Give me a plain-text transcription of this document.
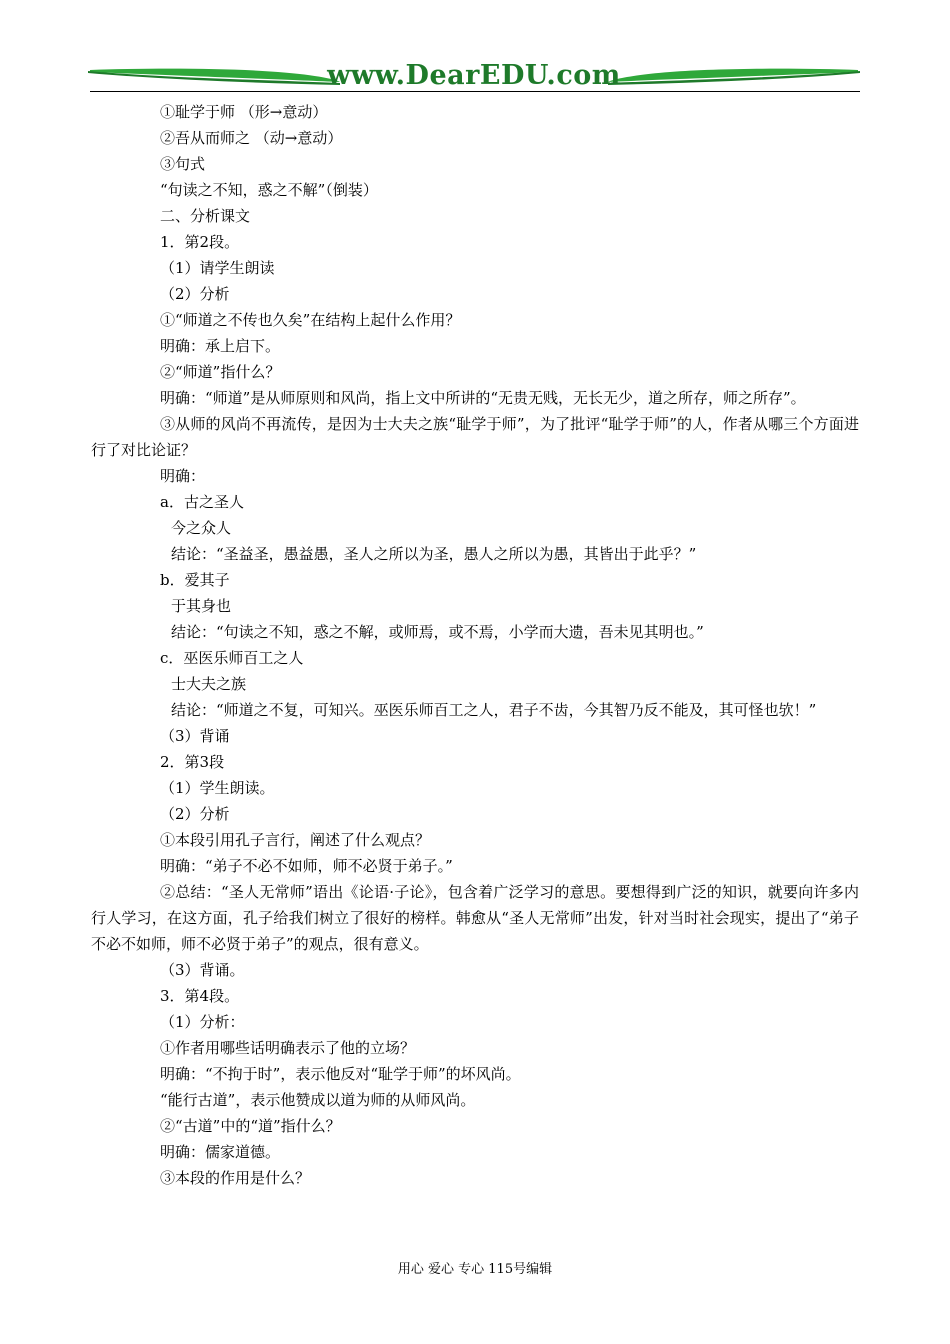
www.DearEDU.com

①耻学于师 （形→意动）

②吾从而师之 （动→意动）

③句式

“句读之不知，惑之不解”（倒装）

二、分析课文

1．第2段。

（1）请学生朗读

（2）分析

①“师道之不传也久矣”在结构上起什么作用？

明确：承上启下。

②“师道”指什么？

明确：“师道”是从师原则和风尚，指上文中所讲的“无贵无贱，无长无少，道之所存，师之所存”。

③从师的风尚不再流传，是因为士大夫之族“耻学于师”，为了批评“耻学于师”的人，作者从哪三个方面进行了对比论证？

明确：

a．古之圣人

今之众人

结论：“圣益圣，愚益愚，圣人之所以为圣，愚人之所以为愚，其皆出于此乎？”

b．爱其子

于其身也

结论：“句读之不知，惑之不解，或师焉，或不焉，小学而大遗，吾未见其明也。”

c．巫医乐师百工之人

士大夫之族

结论：“师道之不复，可知兴。巫医乐师百工之人，君子不齿，今其智乃反不能及，其可怪也欤！”

（3）背诵

2．第3段

（1）学生朗读。

（2）分析

①本段引用孔子言行，阐述了什么观点？

明确：“弟子不必不如师，师不必贤于弟子。”

②总结：“圣人无常师”语出《论语·子论》，包含着广泛学习的意思。要想得到广泛的知识，就要向许多内行人学习，在这方面，孔子给我们树立了很好的榜样。韩愈从“圣人无常师”出发，针对当时社会现实，提出了“弟子不必不如师，师不必贤于弟子”的观点，很有意义。

（3）背诵。

3．第4段。

（1）分析：

①作者用哪些话明确表示了他的立场？

明确：“不拘于时”，表示他反对“耻学于师”的坏风尚。

“能行古道”，表示他赞成以道为师的从师风尚。

②“古道”中的“道”指什么？

明确：儒家道德。

③本段的作用是什么？

用心 爱心 专心 115号编辑
